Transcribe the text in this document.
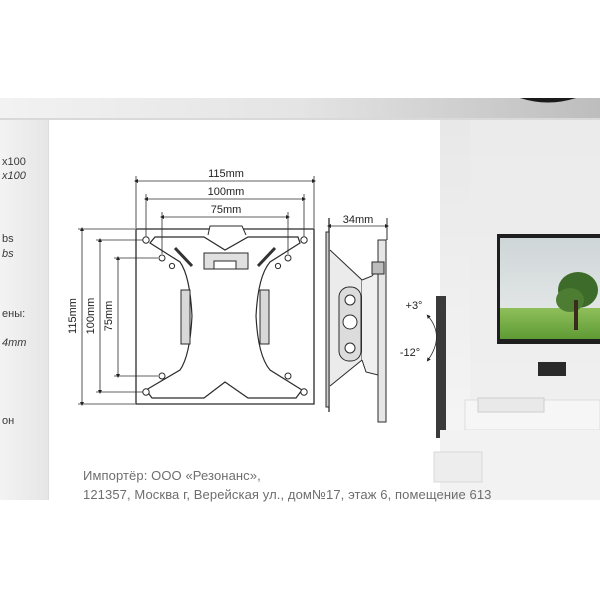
x100
x100
bs
bs
ены:
4mm
он
115mm
100mm
75mm
115mm 100mm 75mm
34mm
+3°
-12°
Импортёр: ООО «Резонанс»,
121357, Москва г, Верейская ул., дом№17, этаж 6, помещение 613
